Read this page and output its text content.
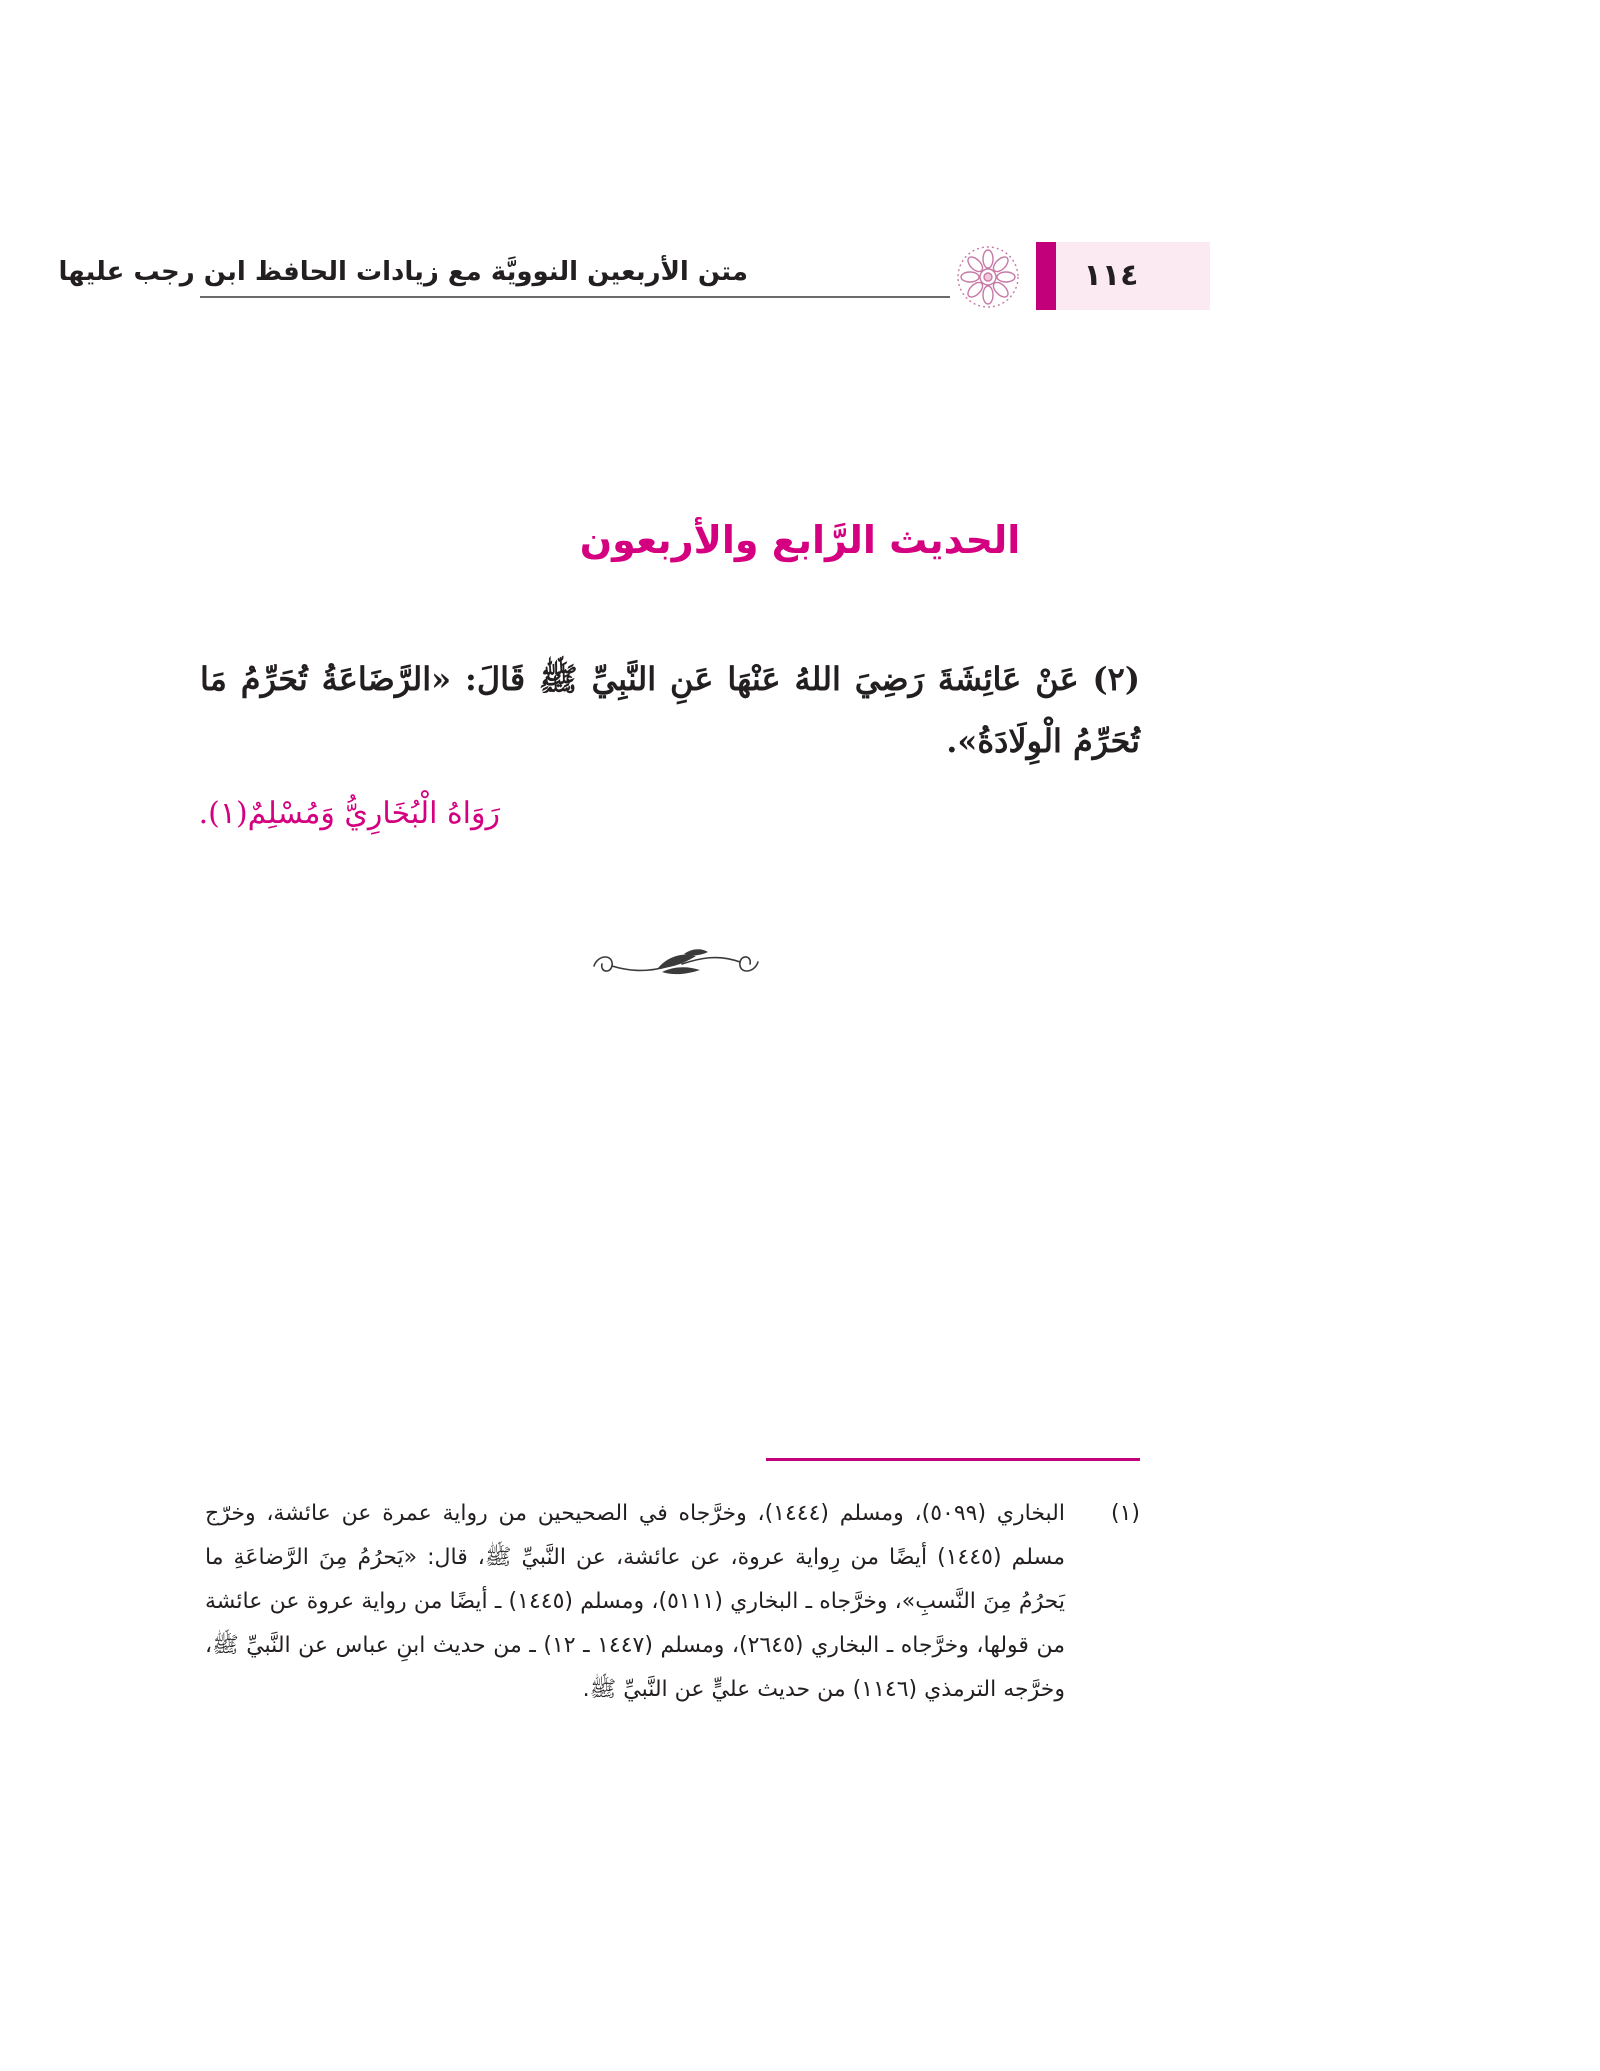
متن الأربعين النوويَّة مع زيادات الحافظ ابن رجب عليها	١١٤
الحديث الرَّابع والأربعون
(٢) عَنْ عَائِشَةَ رَضِيَ اللهُ عَنْهَا عَنِ النَّبِيِّ ﷺ قَالَ: «الرَّضَاعَةُ تُحَرِّمُ مَا تُحَرِّمُ الْوِلَادَةُ».
رَوَاهُ الْبُخَارِيُّ وَمُسْلِمٌ(١).
(١)
البخاري (٥٠٩٩)، ومسلم (١٤٤٤)، وخرَّجاه في الصحيحين من رواية عمرة عن عائشة، وخرّج مسلم (١٤٤٥) أيضًا من رِواية عروة، عن عائشة، عن النَّبيِّ ﷺ، قال: «يَحرُمُ مِنَ الرَّضاعَةِ ما يَحرُمُ مِنَ النَّسبِ»، وخرَّجاه ـ البخاري (٥١١١)، ومسلم (١٤٤٥) ـ أيضًا من رواية عروة عن عائشة من قولها، وخرَّجاه ـ البخاري (٢٦٤٥)، ومسلم (١٤٤٧ ـ ١٢) ـ من حديث ابنِ عباس عن النَّبيِّ ﷺ، وخرَّجه الترمذي (١١٤٦) من حديث عليٍّ عن النَّبيِّ ﷺ.
